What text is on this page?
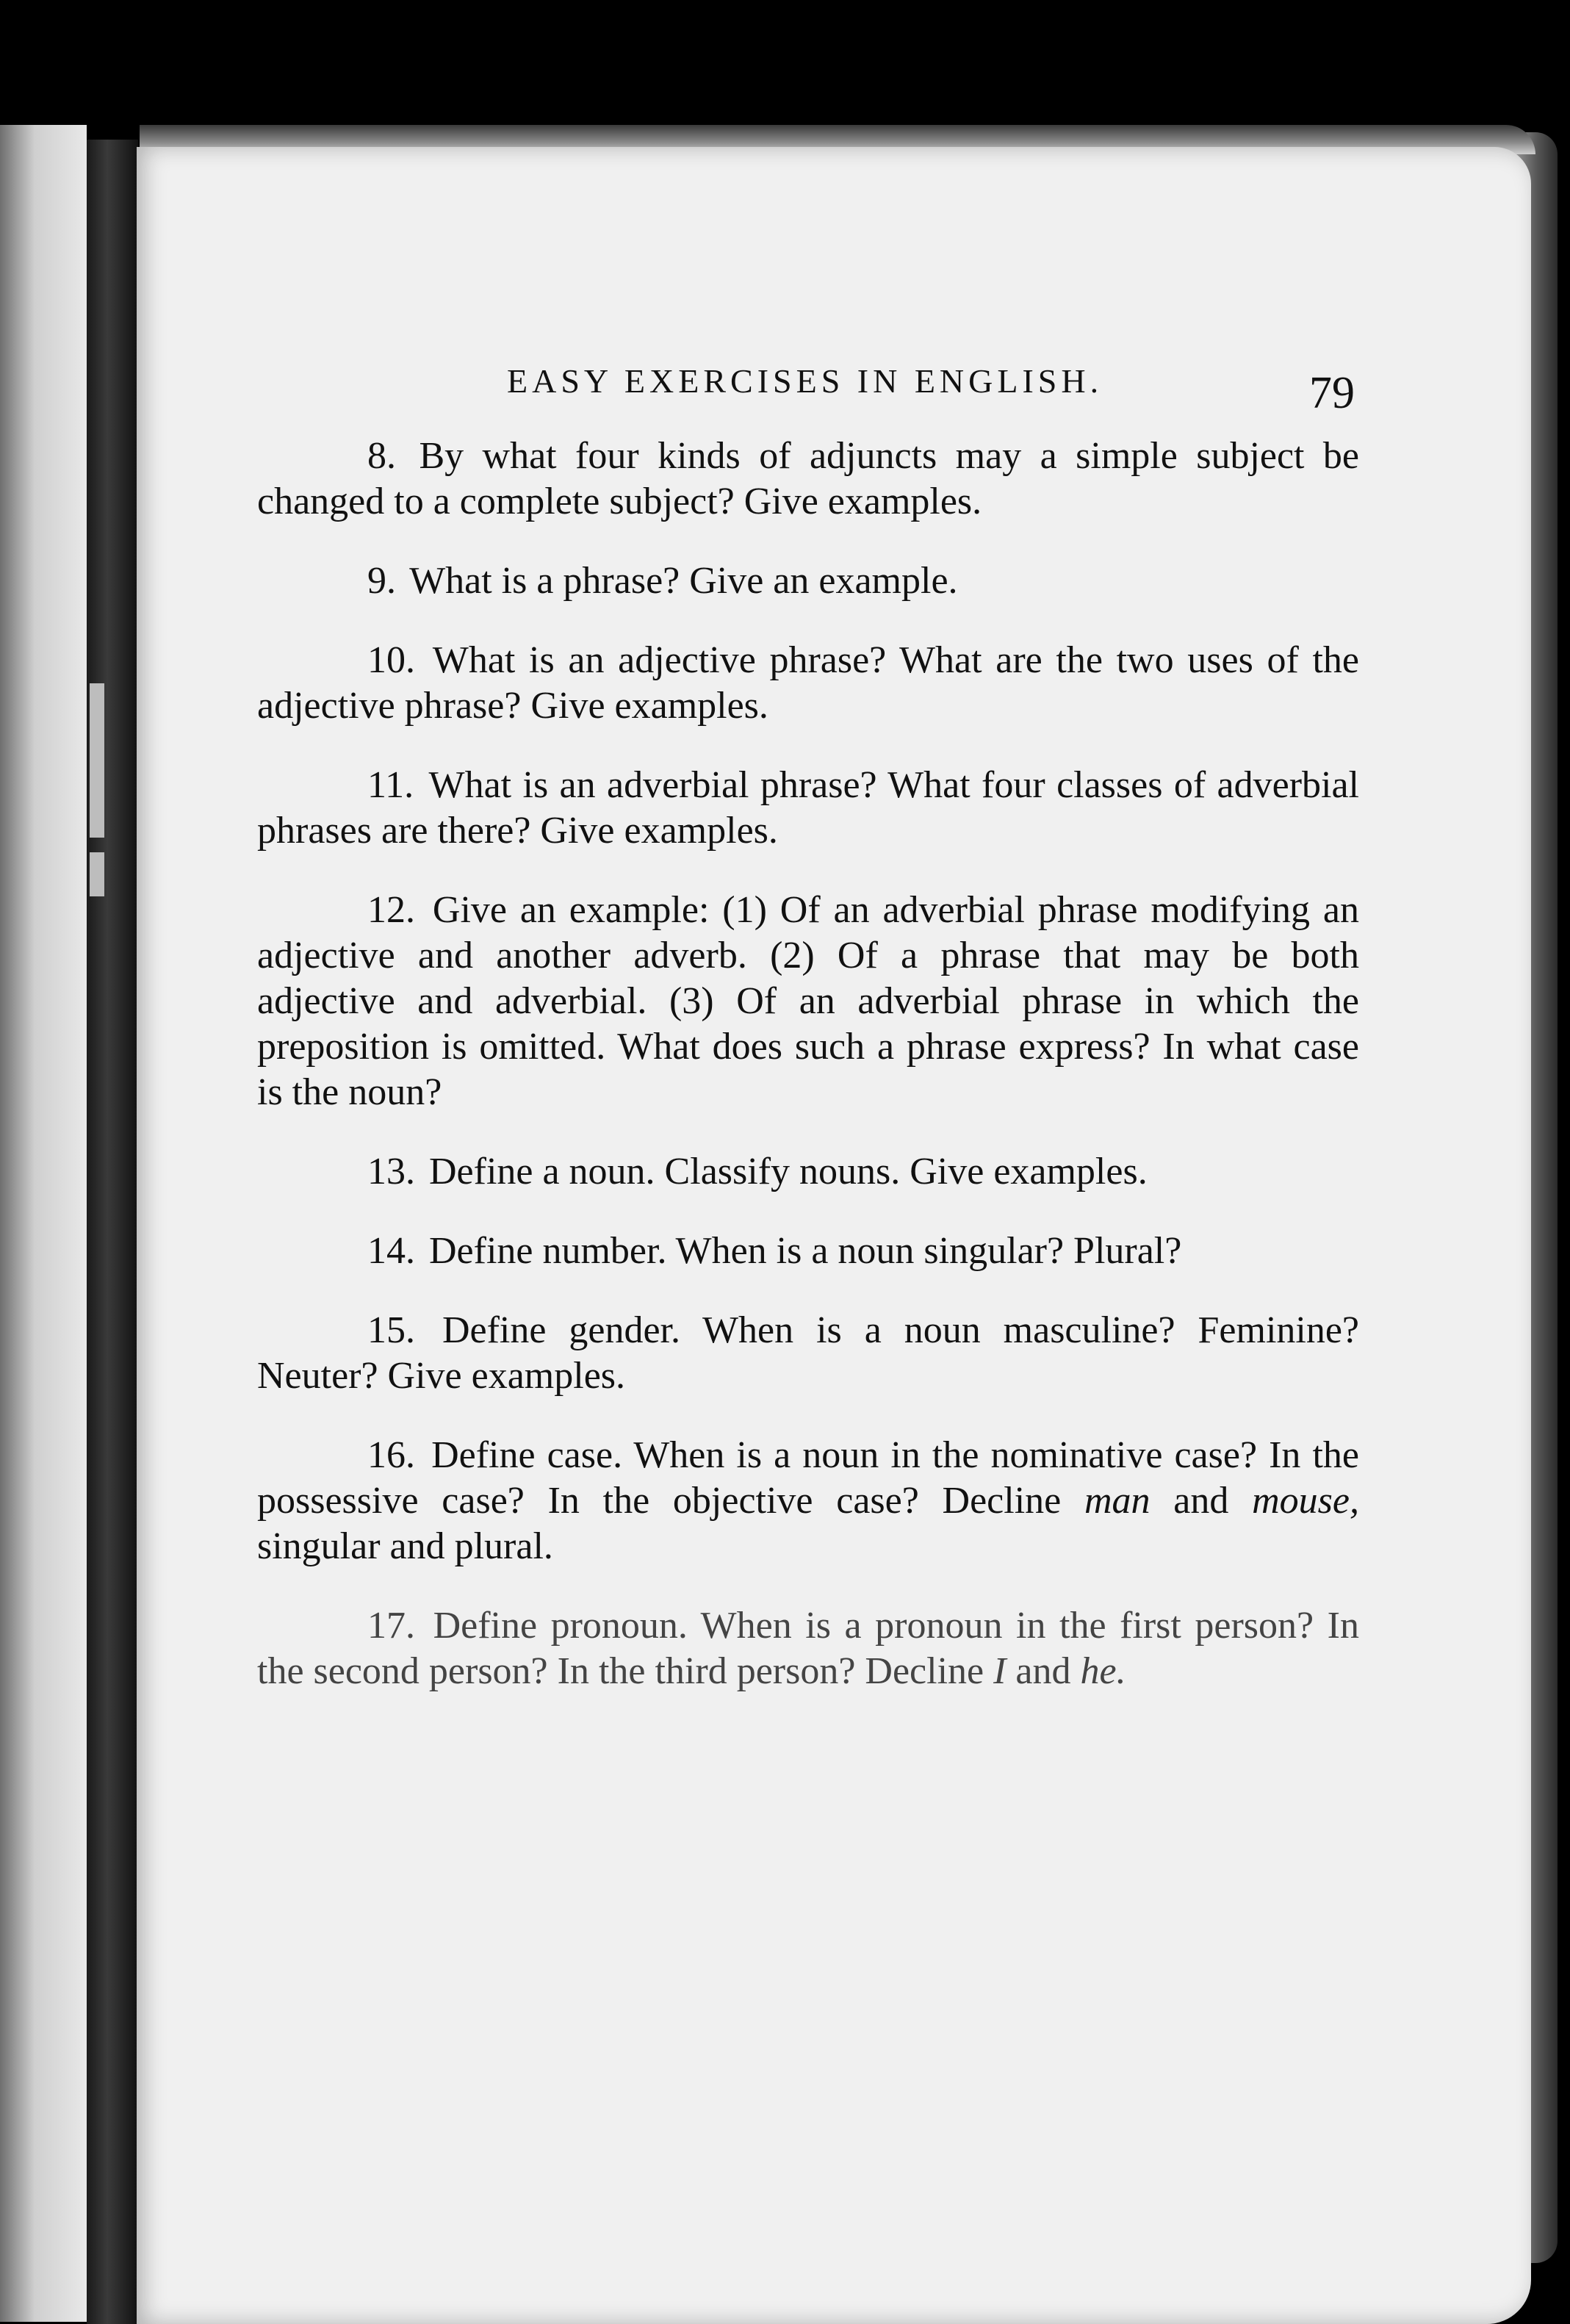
EASY EXERCISES IN ENGLISH.	79

8. By what four kinds of adjuncts may a simple subject be changed to a complete subject? Give examples.

9. What is a phrase? Give an example.

10. What is an adjective phrase? What are the two uses of the adjective phrase? Give examples.

11. What is an adverbial phrase? What four classes of adverbial phrases are there? Give examples.

12. Give an example: (1) Of an adverbial phrase modifying an adjective and another adverb. (2) Of a phrase that may be both adjective and adverbial. (3) Of an adverbial phrase in which the preposition is omitted. What does such a phrase express? In what case is the noun?

13. Define a noun. Classify nouns. Give examples.

14. Define number. When is a noun singular? Plural?

15. Define gender. When is a noun masculine? Feminine? Neuter? Give examples.

16. Define case. When is a noun in the nominative case? In the possessive case? In the objective case? Decline man and mouse, singular and plural.

17. Define pronoun. When is a pronoun in the first person? In the second person? In the third person? Decline I and he.
